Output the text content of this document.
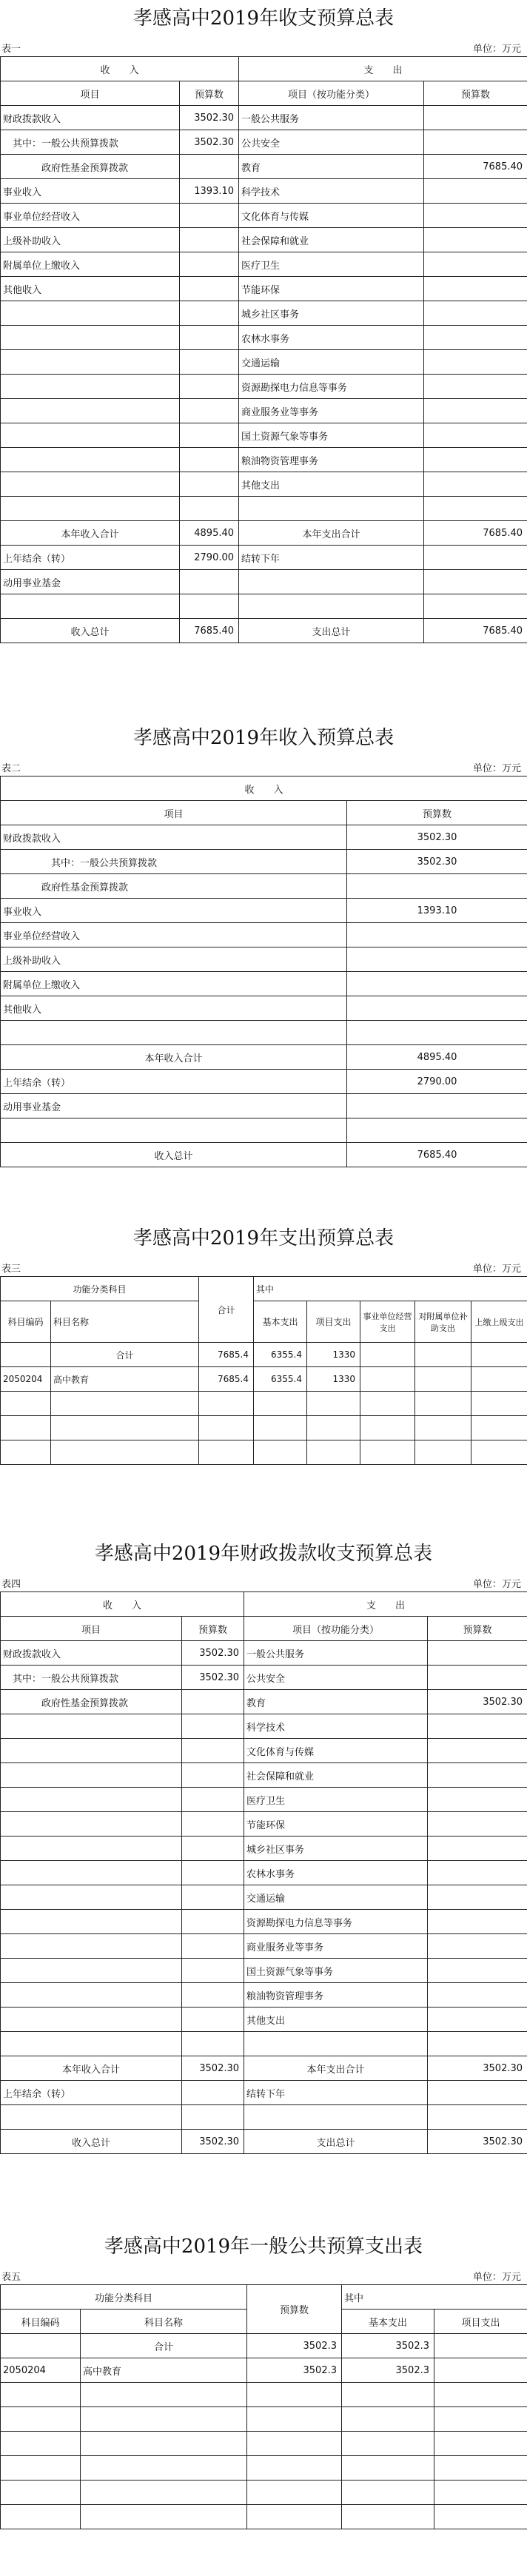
孝感高中2019年收支预算总表
表一	单位：万元
收　　入		支　　出	
项目	预算数	项目（按功能分类）	预算数
财政拨款收入	3502.30	一般公共服务	
　其中：一般公共预算拨款	3502.30	公共安全	
　　　　政府性基金预算拨款		教育	7685.40
事业收入	1393.10	科学技术	
事业单位经营收入		文化体育与传媒	
上级补助收入		社会保障和就业	
附属单位上缴收入		医疗卫生	
其他收入		节能环保	
		城乡社区事务	
		农林水事务	
		交通运输	
		资源勘探电力信息等事务	
		商业服务业等事务	
		国土资源气象等事务	
		粮油物资管理事务	
		其他支出	

本年收入合计	4895.40	本年支出合计	7685.40
上年结余（转）	2790.00	结转下年	
动用事业基金			

收入总计	7685.40	支出总计	7685.40
孝感高中2019年收入预算总表
表二	单位：万元
收　　入	
项目	预算数
财政拨款收入	3502.30
　　　　　其中：一般公共预算拨款	3502.30
　　　　政府性基金预算拨款	
事业收入	1393.10
事业单位经营收入	
上级补助收入	
附属单位上缴收入	
其他收入	

本年收入合计	4895.40
上年结余（转）	2790.00
动用事业基金	

收入总计	7685.40
孝感高中2019年支出预算总表
表三	单位：万元
功能分类科目		合计	其中				
科目编码	科目名称		基本支出	项目支出	事业单位经营支出	对附属单位补助支出	上缴上级支出
	合计	7685.4	6355.4	1330			
2050204	高中教育	7685.4	6355.4	1330			

孝感高中2019年财政拨款收支预算总表
表四	单位：万元
收　　入		支　　出	
项目	预算数	项目（按功能分类）	预算数
财政拨款收入	3502.30	一般公共服务	
　其中：一般公共预算拨款	3502.30	公共安全	
　　　　政府性基金预算拨款		教育	3502.30
		科学技术	
		文化体育与传媒	
		社会保障和就业	
		医疗卫生	
		节能环保	
		城乡社区事务	
		农林水事务	
		交通运输	
		资源勘探电力信息等事务	
		商业服务业等事务	
		国土资源气象等事务	
		粮油物资管理事务	
		其他支出	

本年收入合计	3502.30	本年支出合计	3502.30
上年结余（转）		结转下年	

收入总计	3502.30	支出总计	3502.30
孝感高中2019年一般公共预算支出表
表五	单位：万元
功能分类科目		预算数	其中	
科目编码	科目名称		基本支出	项目支出
	合计	3502.3	3502.3	
2050204	高中教育	3502.3	3502.3	
